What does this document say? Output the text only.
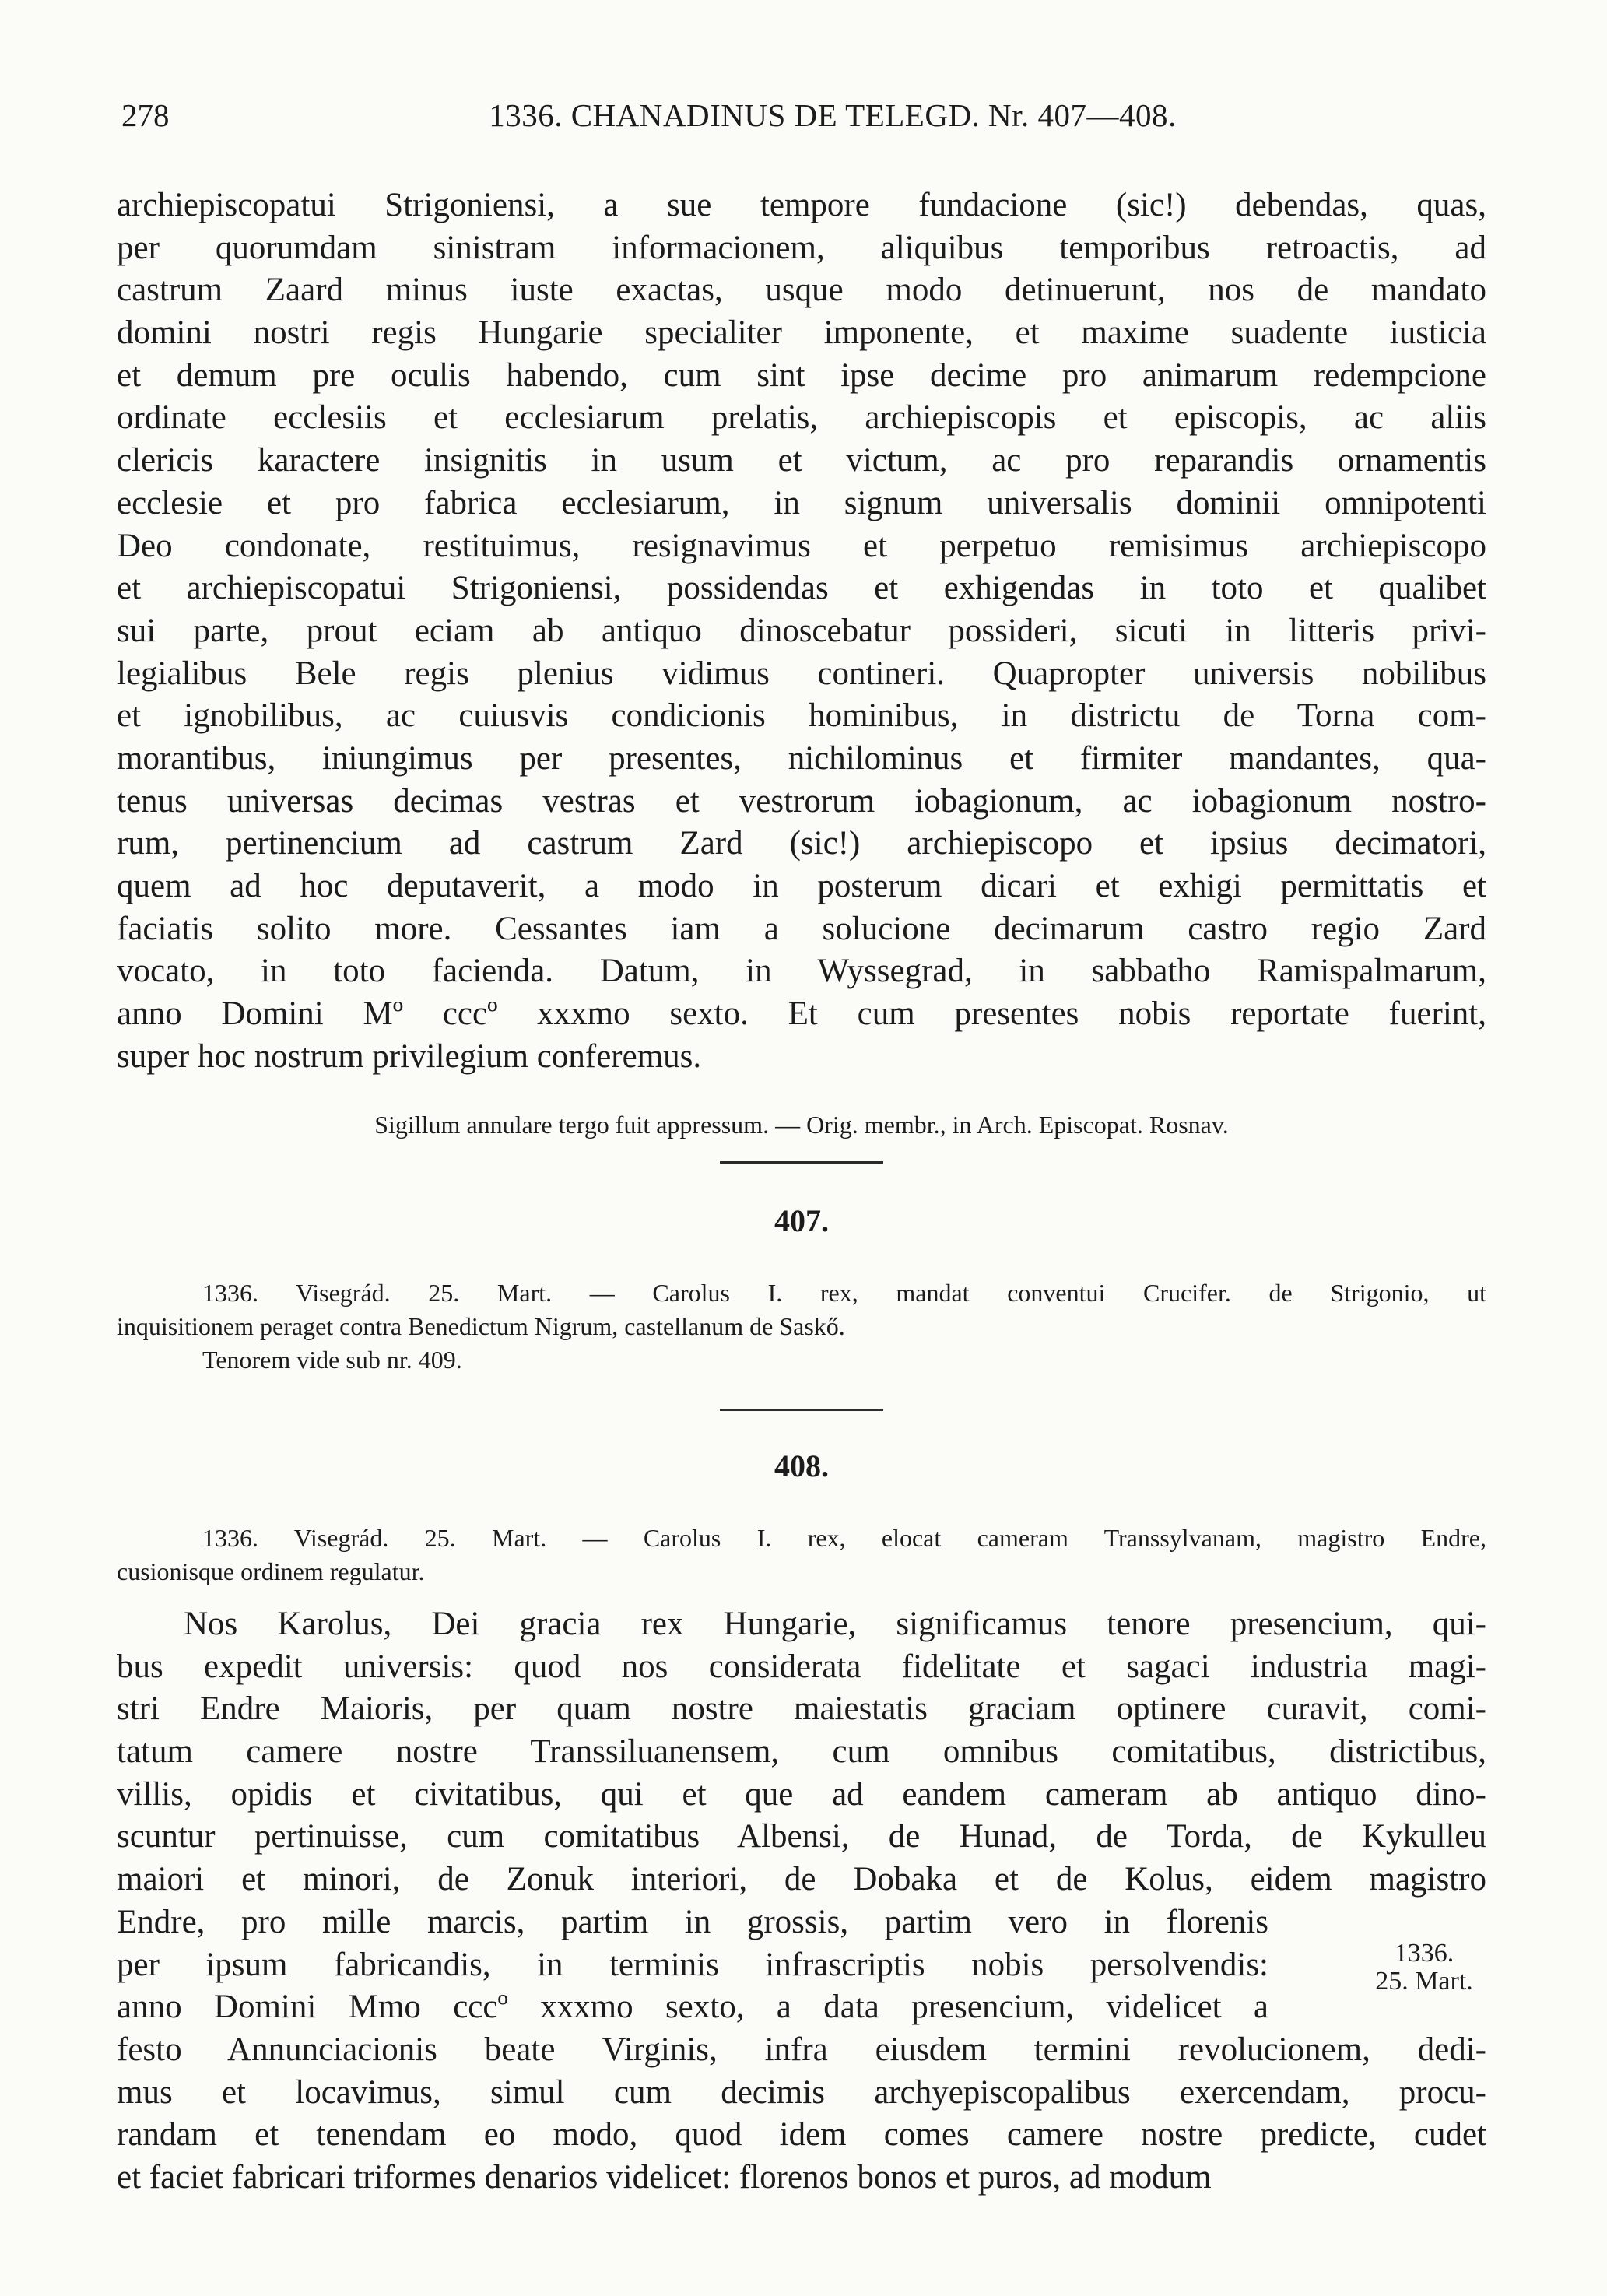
278	1336. CHANADINUS DE TELEGD. Nr. 407—408.
archiepiscopatui Strigoniensi, a sue tempore fundacione (sic!) debendas, quas,
per quorumdam sinistram informacionem, aliquibus temporibus retroactis, ad
castrum Zaard minus iuste exactas, usque modo detinuerunt, nos de mandato
domini nostri regis Hungarie specialiter imponente, et maxime suadente iusticia
et demum pre oculis habendo, cum sint ipse decime pro animarum redempcione
ordinate ecclesiis et ecclesiarum prelatis, archiepiscopis et episcopis, ac aliis
clericis karactere insignitis in usum et victum, ac pro reparandis ornamentis
ecclesie et pro fabrica ecclesiarum, in signum universalis dominii omnipotenti
Deo condonate, restituimus, resignavimus et perpetuo remisimus archiepiscopo
et archiepiscopatui Strigoniensi, possidendas et exhigendas in toto et qualibet
sui parte, prout eciam ab antiquo dinoscebatur possideri, sicuti in litteris privi-
legialibus Bele regis plenius vidimus contineri. Quapropter universis nobilibus
et ignobilibus, ac cuiusvis condicionis hominibus, in districtu de Torna com-
morantibus, iniungimus per presentes, nichilominus et firmiter mandantes, qua-
tenus universas decimas vestras et vestrorum iobagionum, ac iobagionum nostro-
rum, pertinencium ad castrum Zard (sic!) archiepiscopo et ipsius decimatori,
quem ad hoc deputaverit, a modo in posterum dicari et exhigi permittatis et
faciatis solito more. Cessantes iam a solucione decimarum castro regio Zard
vocato, in toto facienda. Datum, in Wyssegrad, in sabbatho Ramispalmarum,
anno Domini Mº cccº xxxmo sexto. Et cum presentes nobis reportate fuerint,
super hoc nostrum privilegium conferemus.
Sigillum annulare tergo fuit appressum. — Orig. membr., in Arch. Episcopat. Rosnav.
407.
1336. Visegrád. 25. Mart. — Carolus I. rex, mandat conventui Crucifer. de Strigonio, ut
inquisitionem peraget contra Benedictum Nigrum, castellanum de Saskő.
Tenorem vide sub nr. 409.
408.
1336. Visegrád. 25. Mart. — Carolus I. rex, elocat cameram Transsylvanam, magistro Endre,
cusionisque ordinem regulatur.
Nos Karolus, Dei gracia rex Hungarie, significamus tenore presencium, qui-
bus expedit universis: quod nos considerata fidelitate et sagaci industria magi-
stri Endre Maioris, per quam nostre maiestatis graciam optinere curavit, comi-
tatum camere nostre Transsiluanensem, cum omnibus comitatibus, districtibus,
villis, opidis et civitatibus, qui et que ad eandem cameram ab antiquo dino-
scuntur pertinuisse, cum comitatibus Albensi, de Hunad, de Torda, de Kykulleu
maiori et minori, de Zonuk interiori, de Dobaka et de Kolus, eidem magistro
Endre, pro mille marcis, partim in grossis, partim vero in florenis
per ipsum fabricandis, in terminis infrascriptis nobis persolvendis:
anno Domini Mmo cccº xxxmo sexto, a data presencium, videlicet a
festo Annunciacionis beate Virginis, infra eiusdem termini revolucionem, dedi-
mus et locavimus, simul cum decimis archyepiscopalibus exercendam, procu-
randam et tenendam eo modo, quod idem comes camere nostre predicte, cudet
et faciet fabricari triformes denarios videlicet: florenos bonos et puros, ad modum
1336.
25. Mart.
